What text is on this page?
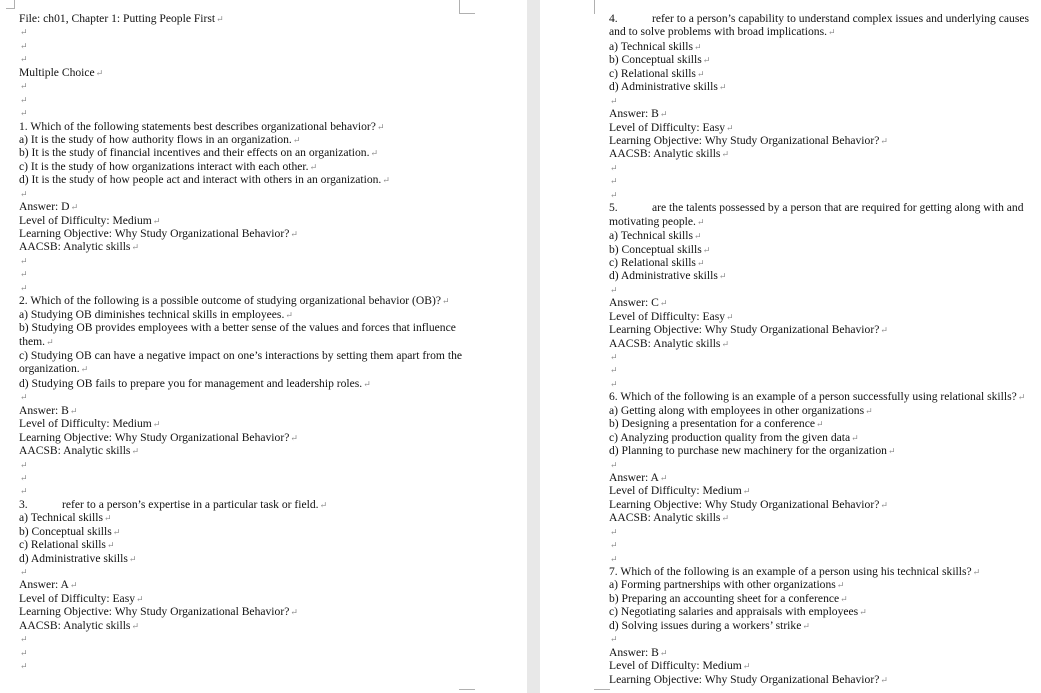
File: ch01, Chapter 1: Putting People First↵
↵
↵
↵
Multiple Choice↵
↵
↵
↵
1. Which of the following statements best describes organizational behavior?↵
a) It is the study of how authority flows in an organization.↵
b) It is the study of financial incentives and their effects on an organization.↵
c) It is the study of how organizations interact with each other.↵
d) It is the study of how people act and interact with others in an organization.↵
↵
Answer: D↵
Level of Difficulty: Medium↵
Learning Objective: Why Study Organizational Behavior?↵
AACSB: Analytic skills↵
↵
↵
↵
2. Which of the following is a possible outcome of studying organizational behavior (OB)?↵
a) Studying OB diminishes technical skills in employees.↵
b) Studying OB provides employees with a better sense of the values and forces that influence them.↵
c) Studying OB can have a negative impact on one’s interactions by setting them apart from the organization.↵
d) Studying OB fails to prepare you for management and leadership roles.↵
↵
Answer: B↵
Level of Difficulty: Medium↵
Learning Objective: Why Study Organizational Behavior?↵
AACSB: Analytic skills↵
↵
↵
↵
3.	refer to a person’s expertise in a particular task or field.↵
a) Technical skills↵
b) Conceptual skills↵
c) Relational skills↵
d) Administrative skills↵
↵
Answer: A↵
Level of Difficulty: Easy↵
Learning Objective: Why Study Organizational Behavior?↵
AACSB: Analytic skills↵
↵
↵
↵
4.	refer to a person’s capability to understand complex issues and underlying causes and to solve problems with broad implications.↵
a) Technical skills↵
b) Conceptual skills↵
c) Relational skills↵
d) Administrative skills↵
↵
Answer: B↵
Level of Difficulty: Easy↵
Learning Objective: Why Study Organizational Behavior?↵
AACSB: Analytic skills↵
↵
↵
↵
5.	are the talents possessed by a person that are required for getting along with and motivating people.↵
a) Technical skills↵
b) Conceptual skills↵
c) Relational skills↵
d) Administrative skills↵
↵
Answer: C↵
Level of Difficulty: Easy↵
Learning Objective: Why Study Organizational Behavior?↵
AACSB: Analytic skills↵
↵
↵
↵
6. Which of the following is an example of a person successfully using relational skills?↵
a) Getting along with employees in other organizations↵
b) Designing a presentation for a conference↵
c) Analyzing production quality from the given data↵
d) Planning to purchase new machinery for the organization↵
↵
Answer: A↵
Level of Difficulty: Medium↵
Learning Objective: Why Study Organizational Behavior?↵
AACSB: Analytic skills↵
↵
↵
↵
7. Which of the following is an example of a person using his technical skills?↵
a) Forming partnerships with other organizations↵
b) Preparing an accounting sheet for a conference↵
c) Negotiating salaries and appraisals with employees↵
d) Solving issues during a workers’ strike↵
↵
Answer: B↵
Level of Difficulty: Medium↵
Learning Objective: Why Study Organizational Behavior?↵
